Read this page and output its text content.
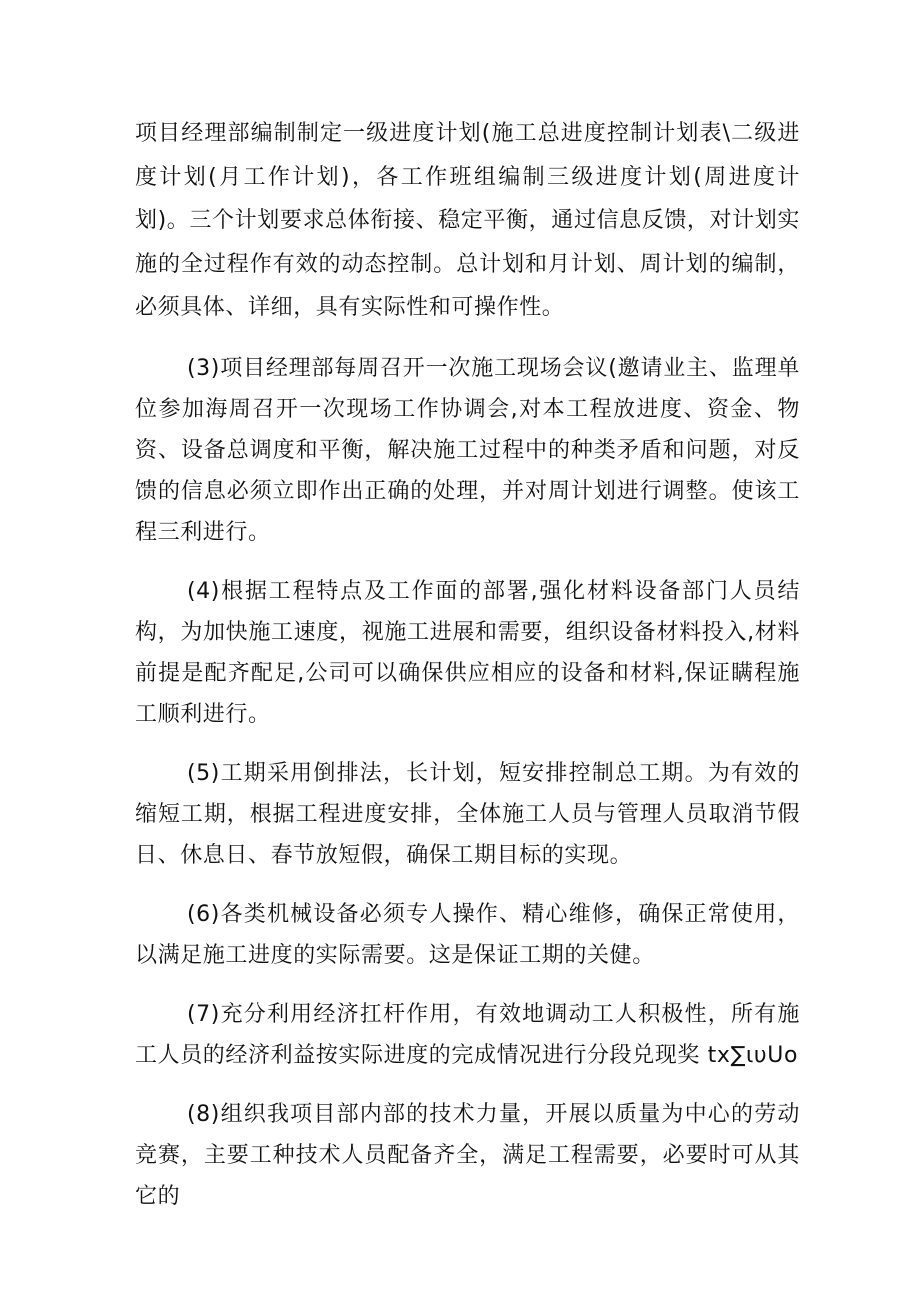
项目经理部编制制定一级进度计划(施工总进度控制计划表\二级进度计划(月工作计划)，各工作班组编制三级进度计划(周进度计划)。三个计划要求总体衔接、稳定平衡，通过信息反馈，对计划实施的全过程作有效的动态控制。总计划和月计划、周计划的编制，必须具体、详细，具有实际性和可操作性。

(3)项目经理部每周召开一次施工现场会议(邀请业主、监理单位参加海周召开一次现场工作协调会,对本工程放进度、资金、物资、设备总调度和平衡，解决施工过程中的种类矛盾和问题，对反馈的信息必须立即作出正确的处理，并对周计划进行调整。使该工程三利进行。

(4)根据工程特点及工作面的部署,强化材料设备部门人员结构，为加快施工速度，视施工进展和需要，组织设备材料投入,材料前提是配齐配足,公司可以确保供应相应的设备和材料,保证瞒程施工顺利进行。

(5)工期采用倒排法，长计划，短安排控制总工期。为有效的缩短工期，根据工程进度安排，全体施工人员与管理人员取消节假日、休息日、春节放短假，确保工期目标的实现。

(6)各类机械设备必须专人操作、精心维修，确保正常使用，以满足施工进度的实际需要。这是保证工期的关健。

(7)充分利用经济扛杆作用，有效地调动工人积极性，所有施工人员的经济利益按实际进度的完成情况进行分段兑现奖 tx∑ιυUo

(8)组织我项目部内部的技术力量，开展以质量为中心的劳动竞赛，主要工种技术人员配备齐全，满足工程需要，必要时可从其它的
